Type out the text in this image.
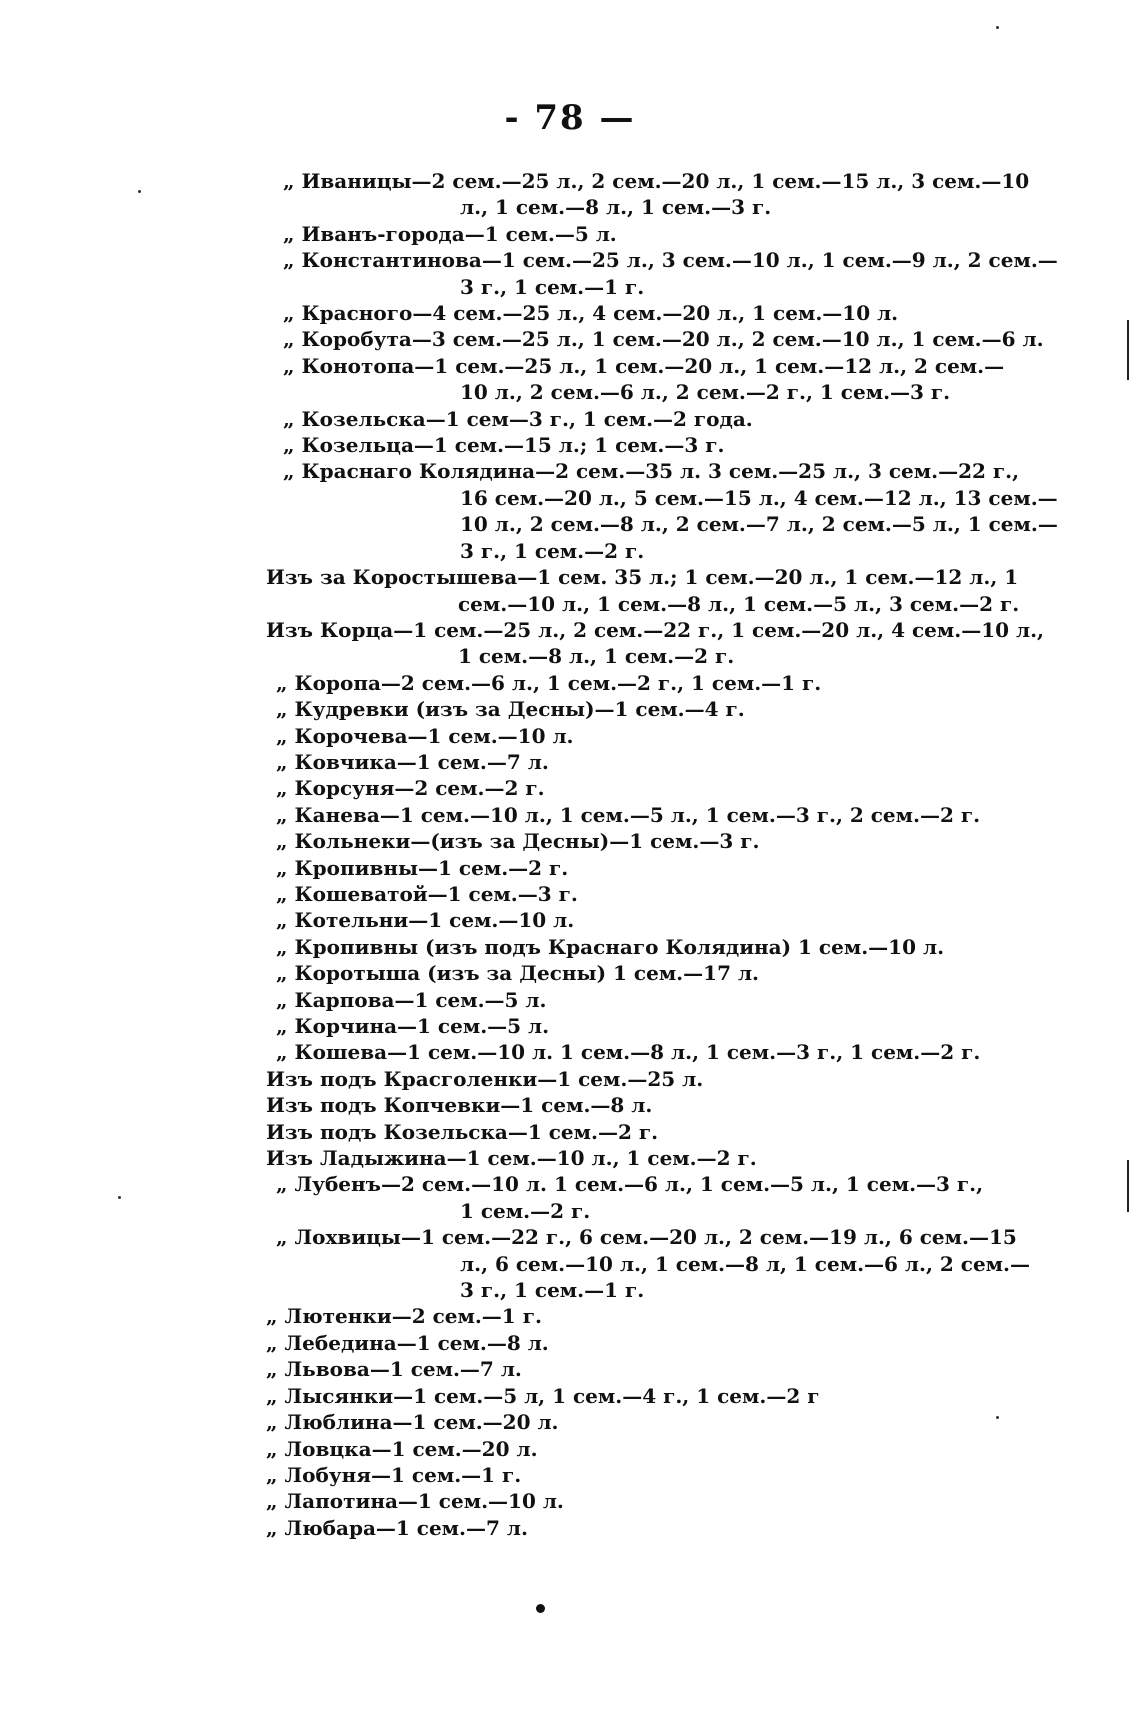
- 78 —
„ Иваницы—2 сем.—25 л., 2 сем.—20 л., 1 сем.—15 л., 3 сем.—10
л., 1 сем.—8 л., 1 сем.—3 г.
„ Иванъ-города—1 сем.—5 л.
„ Константинова—1 сем.—25 л., 3 сем.—10 л., 1 сем.—9 л., 2 сем.—
3 г., 1 сем.—1 г.
„ Красного—4 сем.—25 л., 4 сем.—20 л., 1 сем.—10 л.
„ Коробута—3 сем.—25 л., 1 сем.—20 л., 2 сем.—10 л., 1 сем.—6 л.
„ Конотопа—1 сем.—25 л., 1 сем.—20 л., 1 сем.—12 л., 2 сем.—
10 л., 2 сем.—6 л., 2 сем.—2 г., 1 сем.—3 г.
„ Козельска—1 сем—3 г., 1 сем.—2 года.
„ Козельца—1 сем.—15 л.; 1 сем.—3 г.
„ Краснаго Колядина—2 сем.—35 л. 3 сем.—25 л., 3 сем.—22 г.,
16 сем.—20 л., 5 сем.—15 л., 4 сем.—12 л., 13 сем.—
10 л., 2 сем.—8 л., 2 сем.—7 л., 2 сем.—5 л., 1 сем.—
3 г., 1 сем.—2 г.
Изъ за Коростышева—1 сем. 35 л.; 1 сем.—20 л., 1 сем.—12 л., 1
сем.—10 л., 1 сем.—8 л., 1 сем.—5 л., 3 сем.—2 г.
Изъ Корца—1 сем.—25 л., 2 сем.—22 г., 1 сем.—20 л., 4 сем.—10 л.,
1 сем.—8 л., 1 сем.—2 г.
„ Коропа—2 сем.—6 л., 1 сем.—2 г., 1 сем.—1 г.
„ Кудревки (изъ за Десны)—1 сем.—4 г.
„ Корочева—1 сем.—10 л.
„ Ковчика—1 сем.—7 л.
„ Корсуня—2 сем.—2 г.
„ Канева—1 сем.—10 л., 1 сем.—5 л., 1 сем.—3 г., 2 сем.—2 г.
„ Кольнеки—(изъ за Десны)—1 сем.—3 г.
„ Кропивны—1 сем.—2 г.
„ Кошеватой—1 сем.—3 г.
„ Котельни—1 сем.—10 л.
„ Кропивны (изъ подъ Краснаго Колядина) 1 сем.—10 л.
„ Коротыша (изъ за Десны) 1 сем.—17 л.
„ Карпова—1 сем.—5 л.
„ Корчина—1 сем.—5 л.
„ Кошева—1 сем.—10 л. 1 сем.—8 л., 1 сем.—3 г., 1 сем.—2 г.
Изъ подъ Красголенки—1 сем.—25 л.
Изъ подъ Копчевки—1 сем.—8 л.
Изъ подъ Козельска—1 сем.—2 г.
Изъ Ладыжина—1 сем.—10 л., 1 сем.—2 г.
„ Лубенъ—2 сем.—10 л. 1 сем.—6 л., 1 сем.—5 л., 1 сем.—3 г.,
1 сем.—2 г.
„ Лохвицы—1 сем.—22 г., 6 сем.—20 л., 2 сем.—19 л., 6 сем.—15
л., 6 сем.—10 л., 1 сем.—8 л, 1 сем.—6 л., 2 сем.—
3 г., 1 сем.—1 г.
„ Лютенки—2 сем.—1 г.
„ Лебедина—1 сем.—8 л.
„ Львова—1 сем.—7 л.
„ Лысянки—1 сем.—5 л, 1 сем.—4 г., 1 сем.—2 г
„ Люблина—1 сем.—20 л.
„ Ловцка—1 сем.—20 л.
„ Лобуня—1 сем.—1 г.
„ Лапотина—1 сем.—10 л.
„ Любара—1 сем.—7 л.
